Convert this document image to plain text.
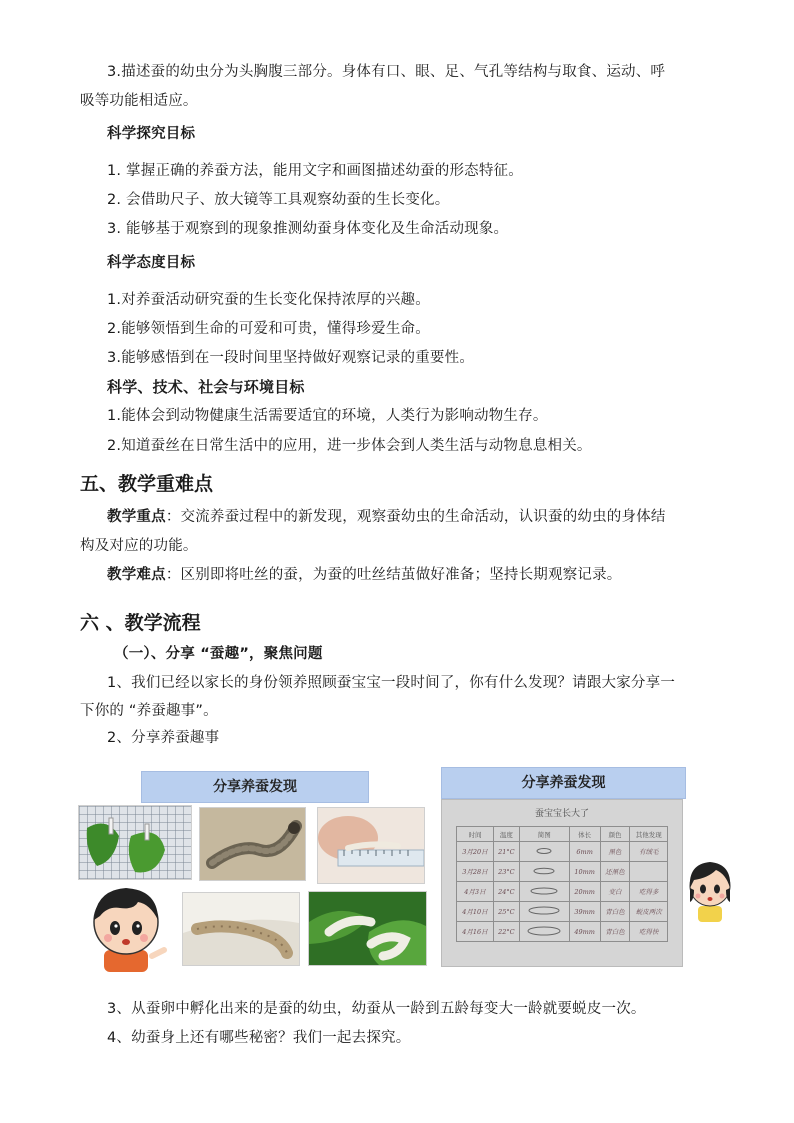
3.描述蚕的幼虫分为头胸腹三部分。身体有口、眼、足、气孔等结构与取食、运动、呼
吸等功能相适应。
科学探究目标
1. 掌握正确的养蚕方法，能用文字和画图描述幼蚕的形态特征。
2. 会借助尺子、放大镜等工具观察幼蚕的生长变化。
3. 能够基于观察到的现象推测幼蚕身体变化及生命活动现象。
科学态度目标
1.对养蚕活动研究蚕的生长变化保持浓厚的兴趣。
2.能够领悟到生命的可爱和可贵，懂得珍爱生命。
3.能够感悟到在一段时间里坚持做好观察记录的重要性。
科学、技术、社会与环境目标
1.能体会到动物健康生活需要适宜的环境，人类行为影响动物生存。
2.知道蚕丝在日常生活中的应用，进一步体会到人类生活与动物息息相关。
五、教学重难点
教学重点：交流养蚕过程中的新发现，观察蚕幼虫的生命活动，认识蚕的幼虫的身体结
构及对应的功能。
教学难点：区别即将吐丝的蚕，为蚕的吐丝结茧做好准备；坚持长期观察记录。
六 、教学流程
（一）、分享 “蚕趣”，聚焦问题
1、我们已经以家长的身份领养照顾蚕宝宝一段时间了，你有什么发现？请跟大家分享一
下你的 “养蚕趣事”。
2、分享养蚕趣事
分享养蚕发现	分享养蚕发现
蚕宝宝长大了
时间	温度	简图	体长	颜色	其他发现
3月20日	21°C		6mm	黑色	有绒毛
3月28日	23°C		10mm	还黑色	
4月3日	24°C		20mm	变白	吃得多
4月10日	25°C		39mm	青白色	蜕皮两次
4月16日	22°C		49mm	青白色	吃得快
3、从蚕卵中孵化出来的是蚕的幼虫，幼蚕从一龄到五龄每变大一龄就要蜕皮一次。
4、幼蚕身上还有哪些秘密？我们一起去探究。
